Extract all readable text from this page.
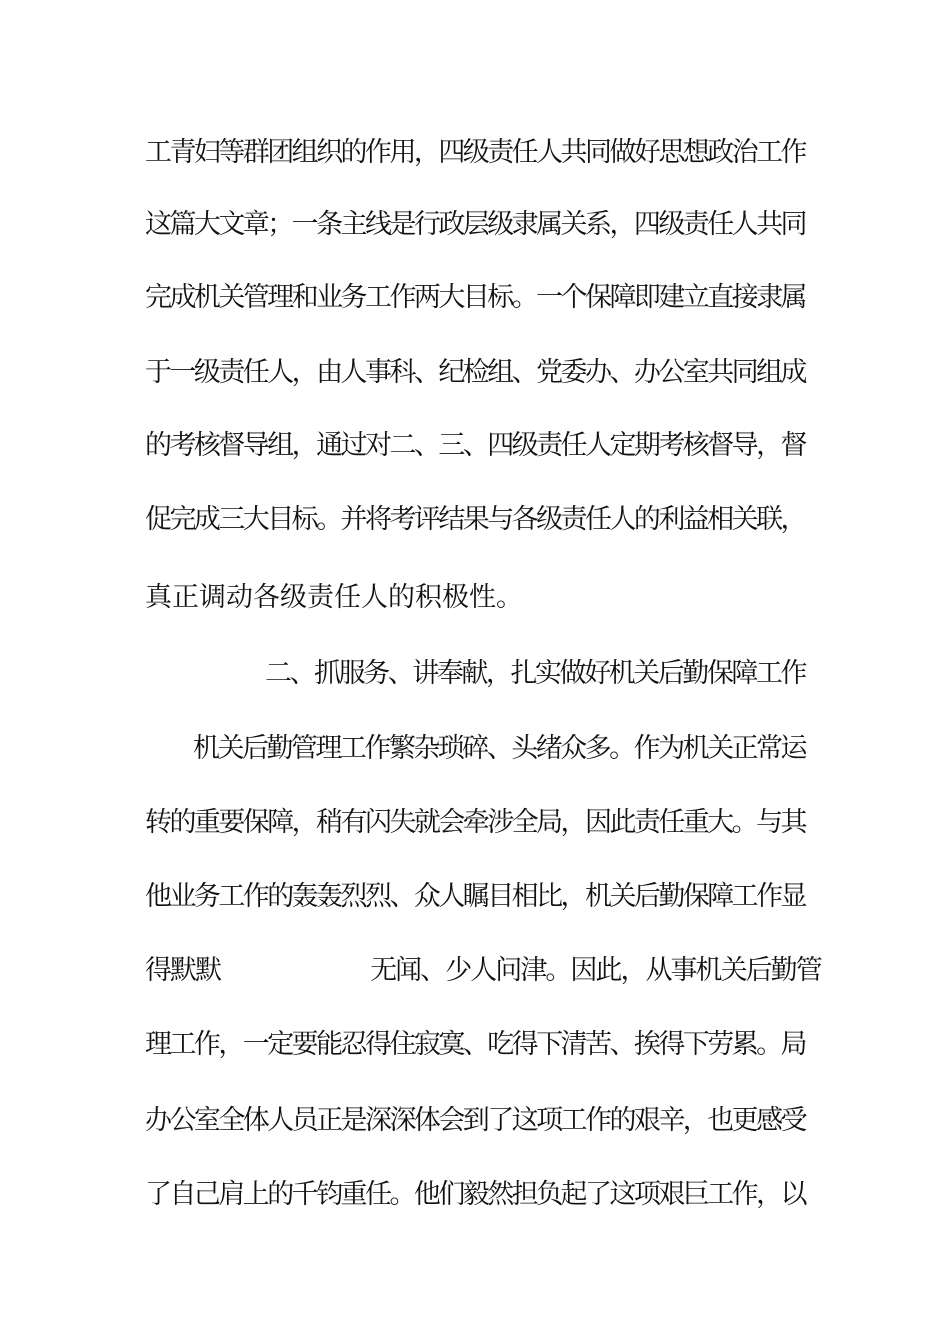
工青妇等群团组织的作用，四级责任人共同做好思想政治工作
这篇大文章；一条主线是行政层级隶属关系，四级责任人共同
完成机关管理和业务工作两大目标。一个保障即建立直接隶属
于一级责任人，由人事科、纪检组、党委办、办公室共同组成
的考核督导组，通过对二、三、四级责任人定期考核督导，督
促完成三大目标。并将考评结果与各级责任人的利益相关联，
真正调动各级责任人的积极性。
二、抓服务、讲奉献，扎实做好机关后勤保障工作
机关后勤管理工作繁杂琐碎、头绪众多。作为机关正常运
转的重要保障，稍有闪失就会牵涉全局，因此责任重大。与其
他业务工作的轰轰烈烈、众人瞩目相比，机关后勤保障工作显
得默默	无闻、少人问津。因此，从事机关后勤管
理工作，一定要能忍得住寂寞、吃得下清苦、挨得下劳累。局
办公室全体人员正是深深体会到了这项工作的艰辛，也更感受
了自己肩上的千钧重任。他们毅然担负起了这项艰巨工作，以
